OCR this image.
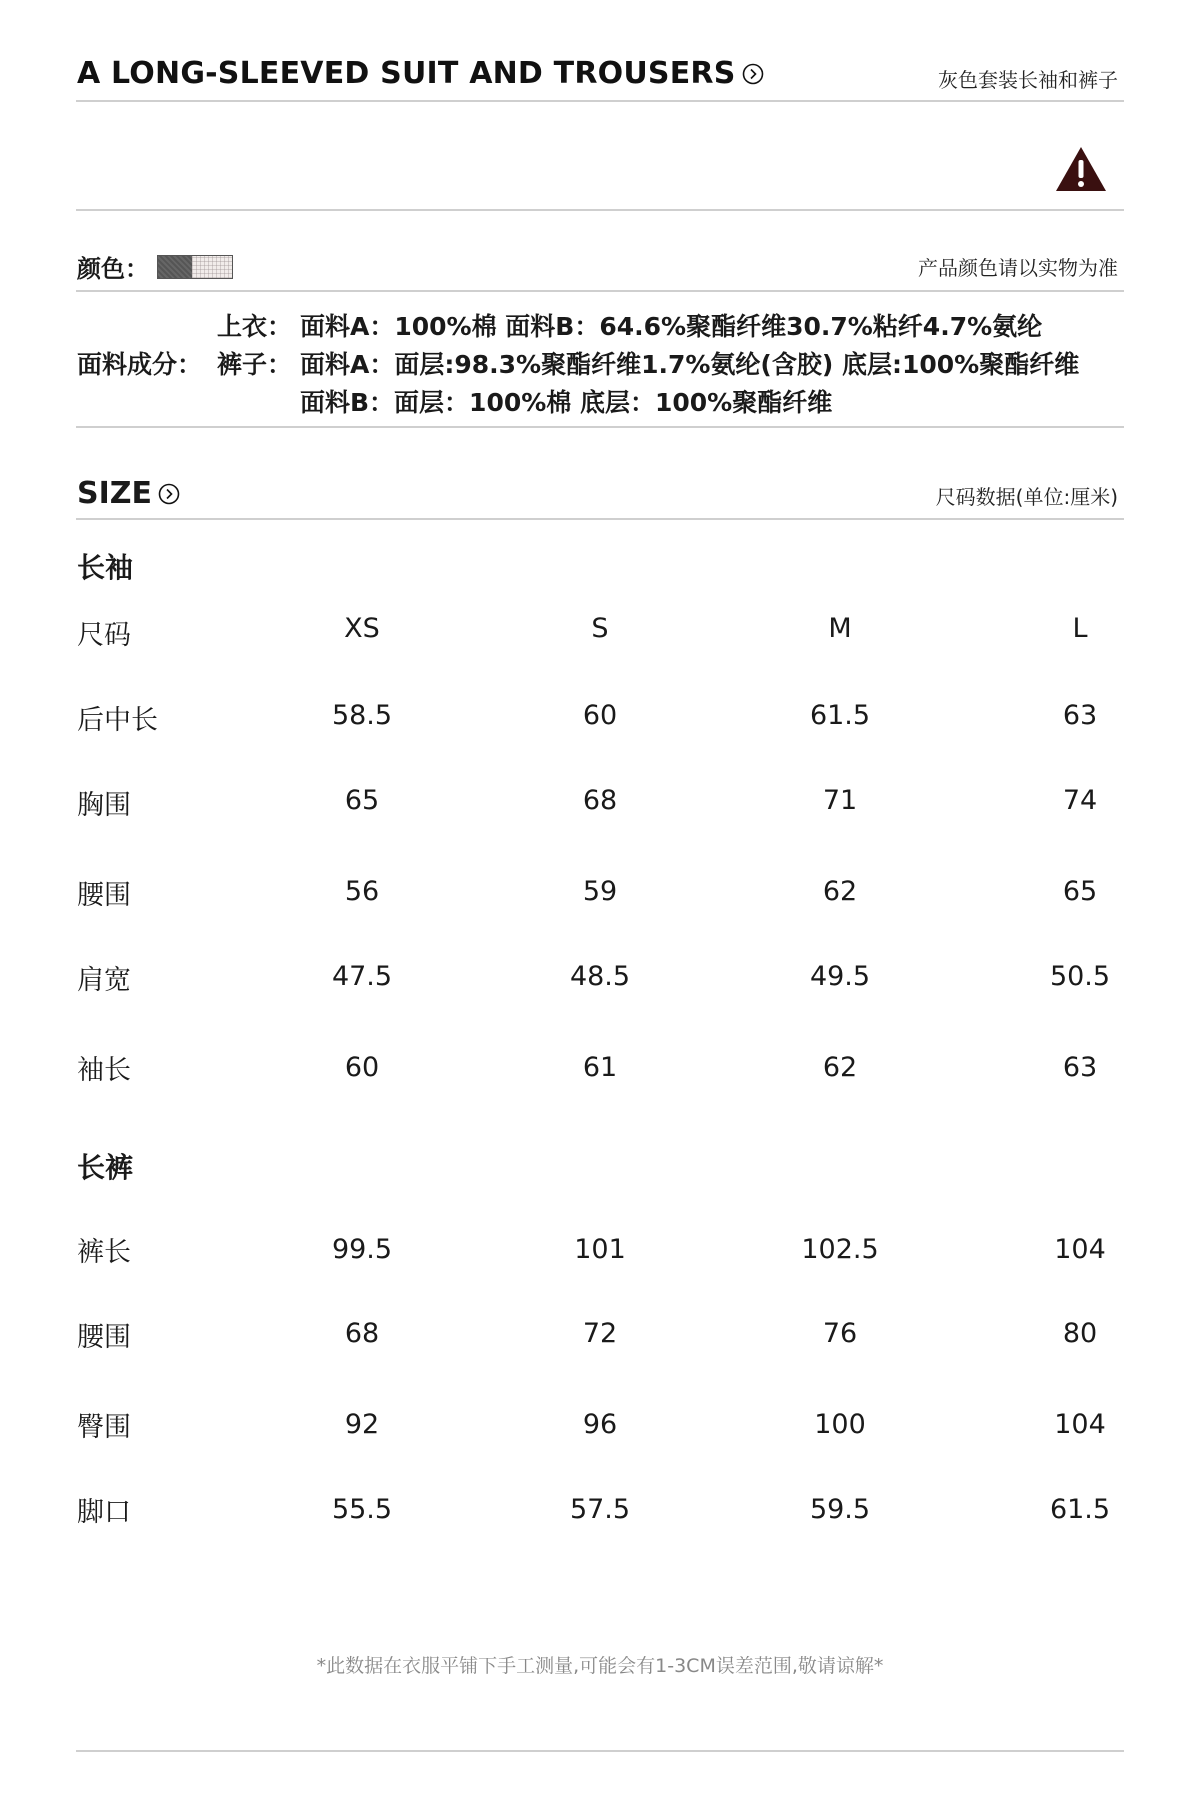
A LONG-SLEEVED SUIT AND TROUSERS	灰色套装长袖和裤子
颜色：	产品颜色请以实物为准
上衣： 面料A：100%棉 面料B：64.6%聚酯纤维30.7%粘纤4.7%氨纶
面料成分： 裤子： 面料A：面层:98.3%聚酯纤维1.7%氨纶(含胶) 底层:100%聚酯纤维
面料B：面层：100%棉 底层：100%聚酯纤维
SIZE	尺码数据(单位:厘米)
长袖
尺码	XS	S	M	L
后中长	58.5	60	61.5	63
胸围	65	68	71	74
腰围	56	59	62	65
肩宽	47.5	48.5	49.5	50.5
袖长	60	61	62	63
长裤
裤长	99.5	101	102.5	104
腰围	68	72	76	80
臀围	92	96	100	104
脚口	55.5	57.5	59.5	61.5
*此数据在衣服平铺下手工测量,可能会有1-3CM误差范围,敬请谅解*
